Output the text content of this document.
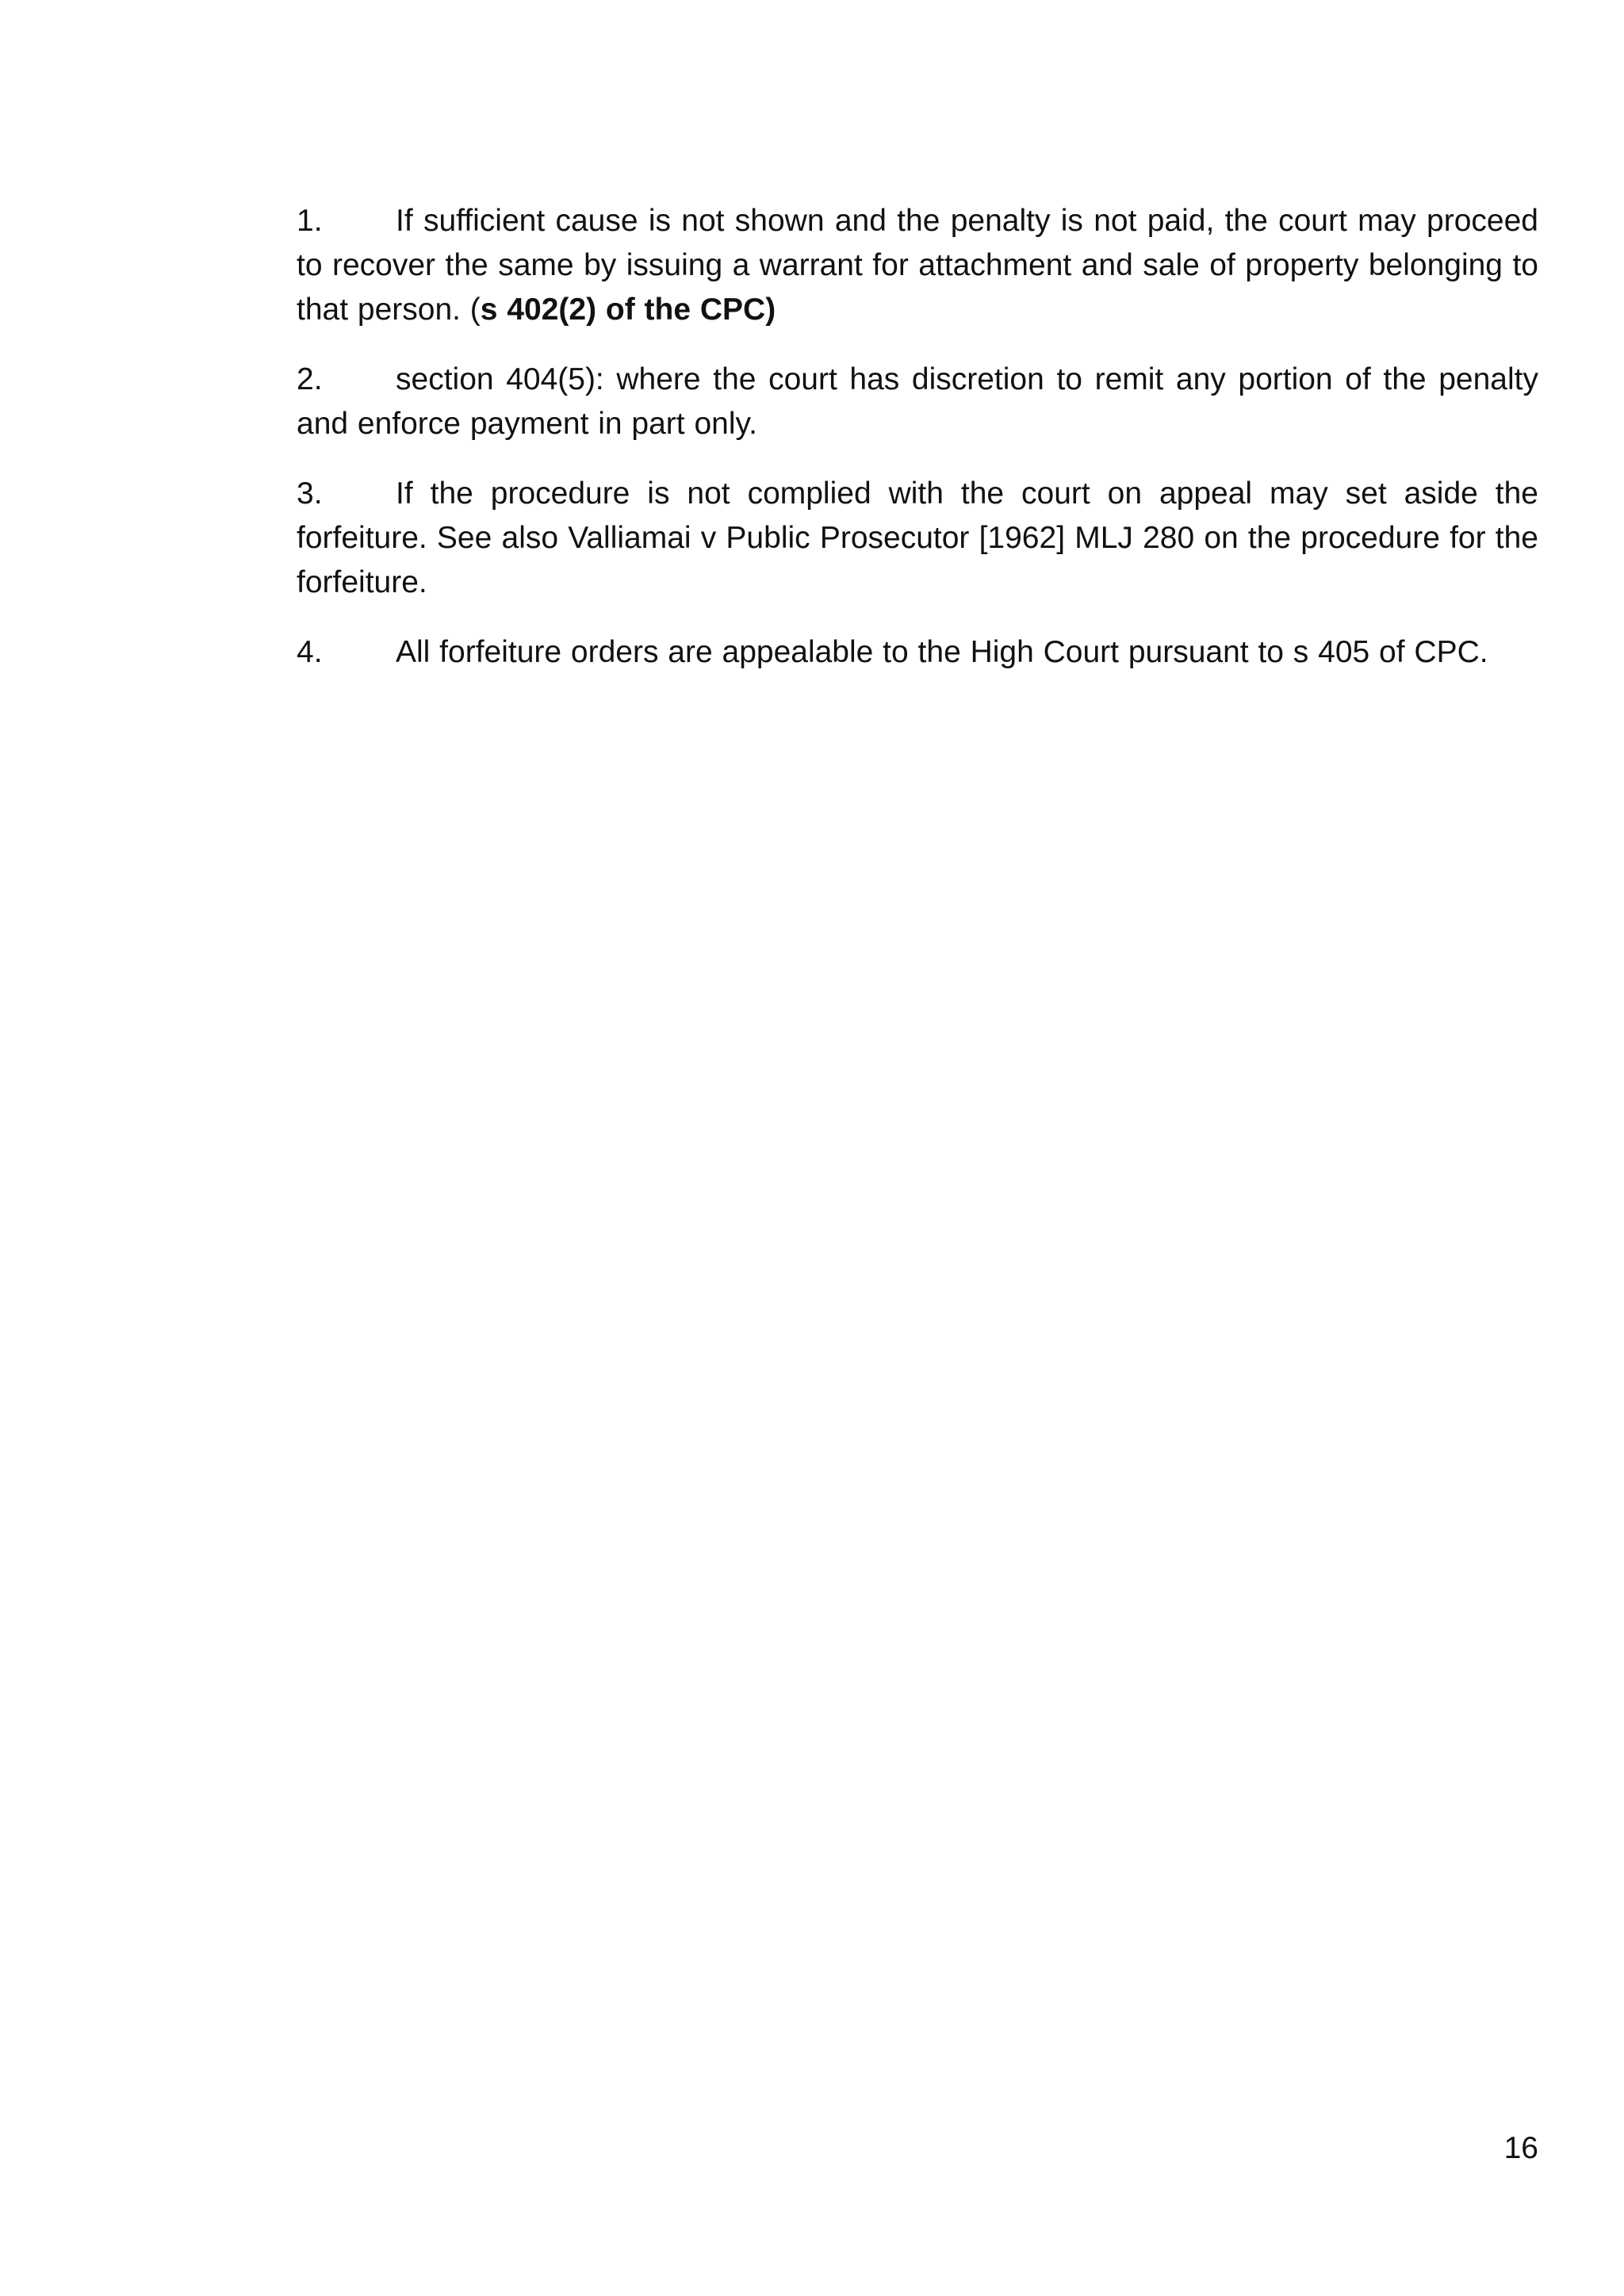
1. If sufficient cause is not shown and the penalty is not paid, the court may proceed to recover the same by issuing a warrant for attachment and sale of property belonging to that person. (s 402(2) of the CPC)

2. section 404(5): where the court has discretion to remit any portion of the penalty and enforce payment in part only.

3. If the procedure is not complied with the court on appeal may set aside the forfeiture. See also Valliamai v Public Prosecutor [1962] MLJ 280 on the procedure for the forfeiture.

4. All forfeiture orders are appealable to the High Court pursuant to s 405 of CPC.

16
